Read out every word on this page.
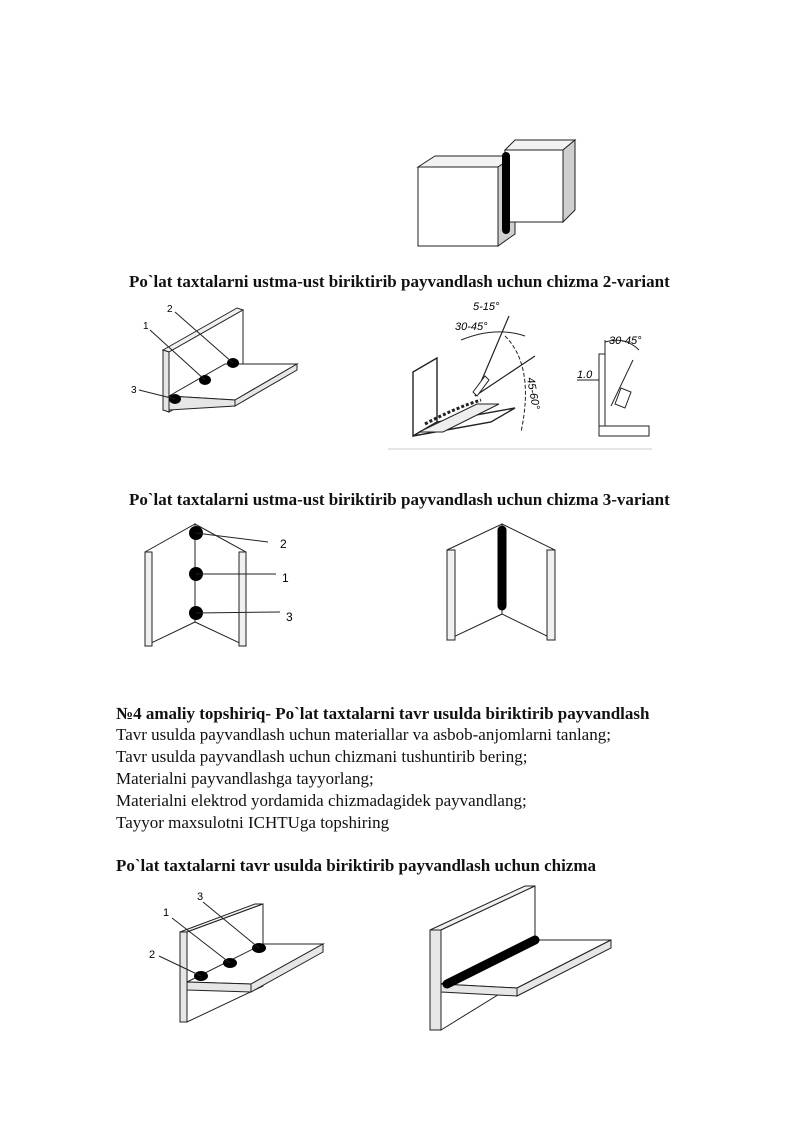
Po`lat taxtalarni ustma-ust biriktirib payvandlash uchun chizma 2-variant
1
2
3
5-15°
30-45°
45-60°
30-45°
1.0
Po`lat taxtalarni ustma-ust biriktirib payvandlash uchun chizma 3-variant
2
1
3
№4 amaliy topshiriq- Po`lat taxtalarni tavr usulda biriktirib payvandlash
Tavr usulda payvandlash uchun materiallar va asbob-anjomlarni tanlang;
Tavr usulda payvandlash uchun chizmani tushuntirib bering;
Materialni payvandlashga tayyorlang;
Materialni elektrod yordamida chizmadagidek payvandlang;
Tayyor maxsulotni ICHTUga topshiring
Po`lat taxtalarni tavr usulda biriktirib payvandlash uchun chizma
1
3
2
